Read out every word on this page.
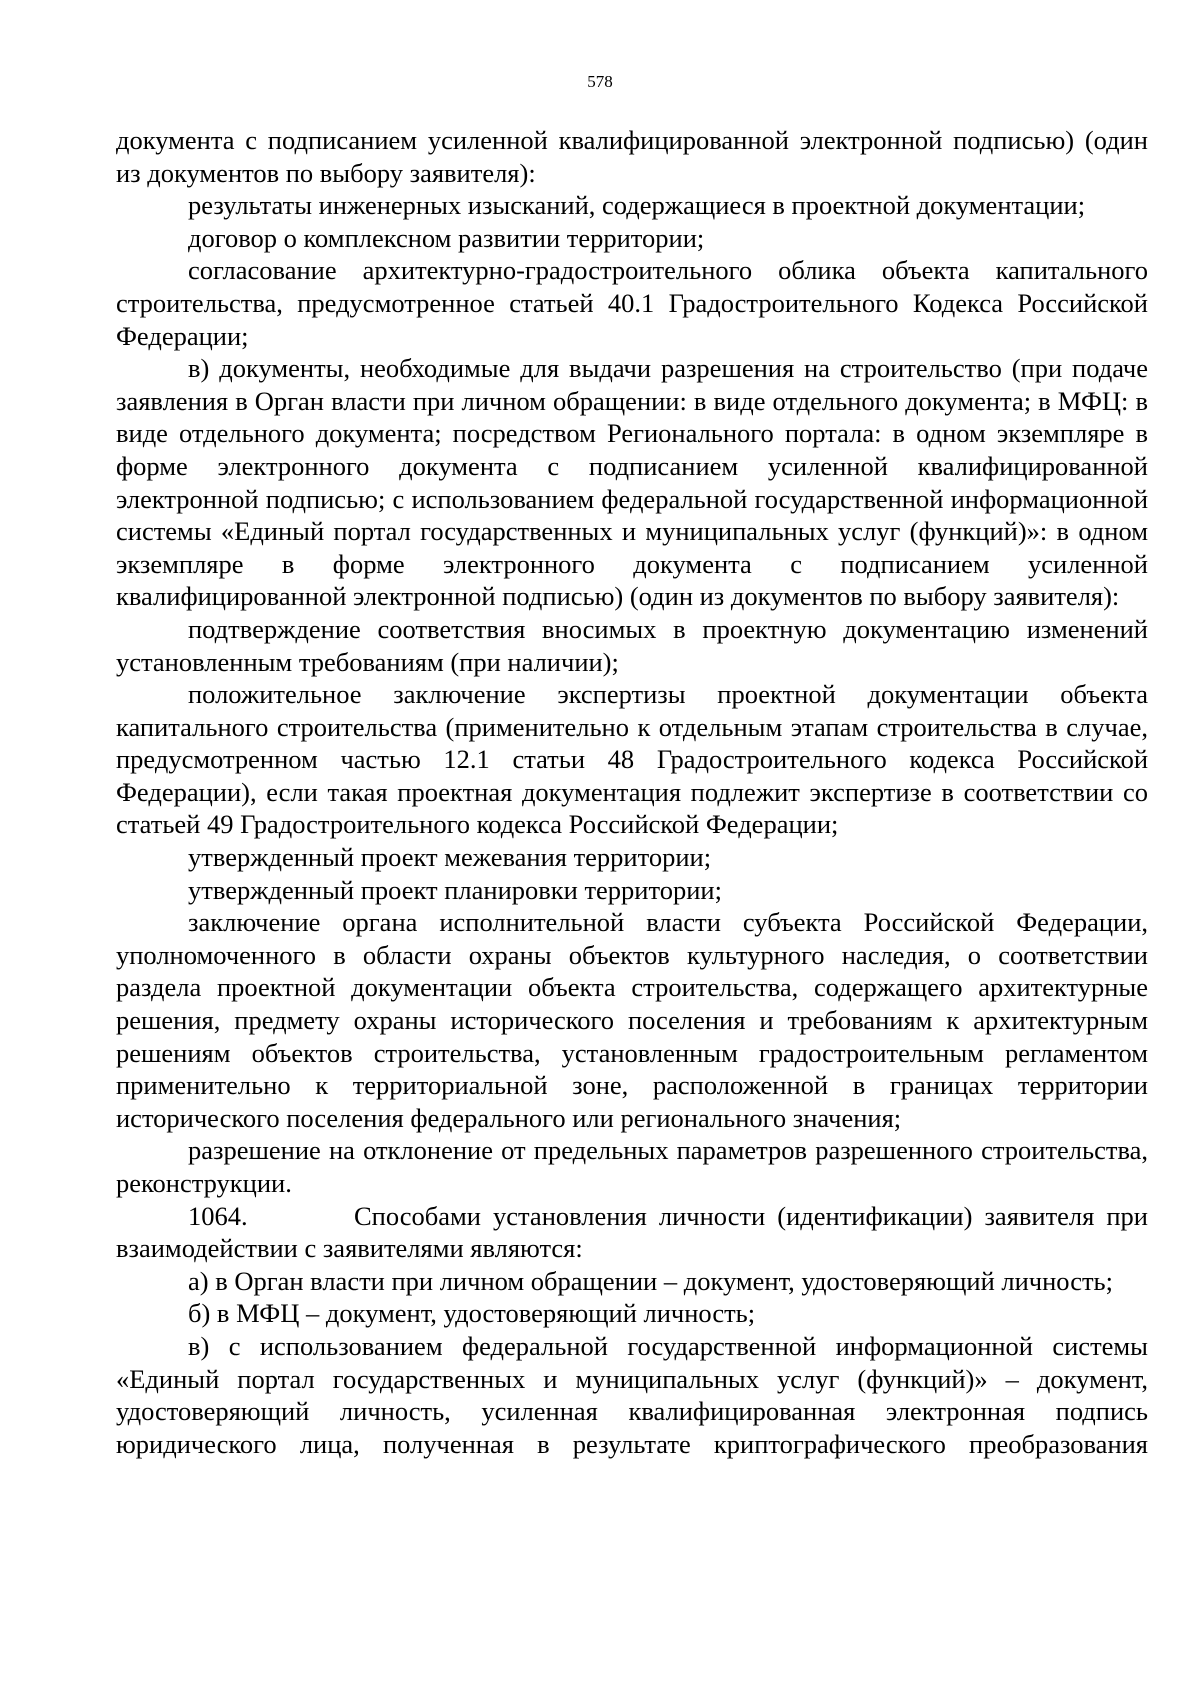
578

документа с подписанием усиленной квалифицированной электронной подписью) (один из документов по выбору заявителя):

результаты инженерных изысканий, содержащиеся в проектной документации;

договор о комплексном развитии территории;

согласование архитектурно-градостроительного облика объекта капитального строительства, предусмотренное статьей 40.1 Градостроительного Кодекса Российской Федерации;

в) документы, необходимые для выдачи разрешения на строительство (при подаче заявления в Орган власти при личном обращении: в виде отдельного документа; в МФЦ: в виде отдельного документа; посредством Регионального портала: в одном экземпляре в форме электронного документа с подписанием усиленной квалифицированной электронной подписью; с использованием федеральной государственной информационной системы «Единый портал государственных и муниципальных услуг (функций)»: в одном экземпляре в форме электронного документа с подписанием усиленной квалифицированной электронной подписью) (один из документов по выбору заявителя):

подтверждение соответствия вносимых в проектную документацию изменений установленным требованиям (при наличии);

положительное заключение экспертизы проектной документации объекта капитального строительства (применительно к отдельным этапам строительства в случае, предусмотренном частью 12.1 статьи 48 Градостроительного кодекса Российской Федерации), если такая проектная документация подлежит экспертизе в соответствии со статьей 49 Градостроительного кодекса Российской Федерации;

утвержденный проект межевания территории;

утвержденный проект планировки территории;

заключение органа исполнительной власти субъекта Российской Федерации, уполномоченного в области охраны объектов культурного наследия, о соответствии раздела проектной документации объекта строительства, содержащего архитектурные решения, предмету охраны исторического поселения и требованиям к архитектурным решениям объектов строительства, установленным градостроительным регламентом применительно к территориальной зоне, расположенной в границах территории исторического поселения федерального или регионального значения;

разрешение на отклонение от предельных параметров разрешенного строительства, реконструкции.

1064.	Способами установления личности (идентификации) заявителя при взаимодействии с заявителями являются:

а) в Орган власти при личном обращении – документ, удостоверяющий личность;

б) в МФЦ – документ, удостоверяющий личность;

в) с использованием федеральной государственной информационной системы «Единый портал государственных и муниципальных услуг (функций)» – документ, удостоверяющий личность, усиленная квалифицированная электронная подпись юридического лица, полученная в результате криптографического преобразования
